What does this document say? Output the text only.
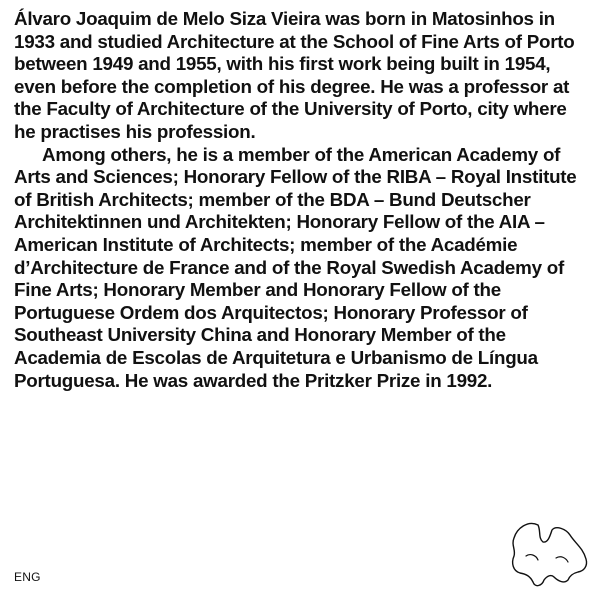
Álvaro Joaquim de Melo Siza Vieira was born in Matosinhos in 1933 and studied Architecture at the School of Fine Arts of Porto between 1949 and 1955, with his first work being built in 1954, even before the completion of his degree. He was a professor at the Faculty of Architecture of the University of Porto, city where he practises his profession.

Among others, he is a member of the American Academy of Arts and Sciences; Honorary Fellow of the RIBA – Royal Institute of British Architects; member of the BDA – Bund Deutscher Architektinnen und Architekten; Honorary Fellow of the AIA – American Institute of Architects; member of the Académie d’Architecture de France and of the Royal Swedish Academy of Fine Arts; Honorary Member and Honorary Fellow of the Portuguese Ordem dos Arquitectos; Honorary Professor of Southeast University China and Honorary Member of the Academia de Escolas de Arquitetura e Urbanismo de Língua Portuguesa. He was awarded the Pritzker Prize in 1992.

ENG
